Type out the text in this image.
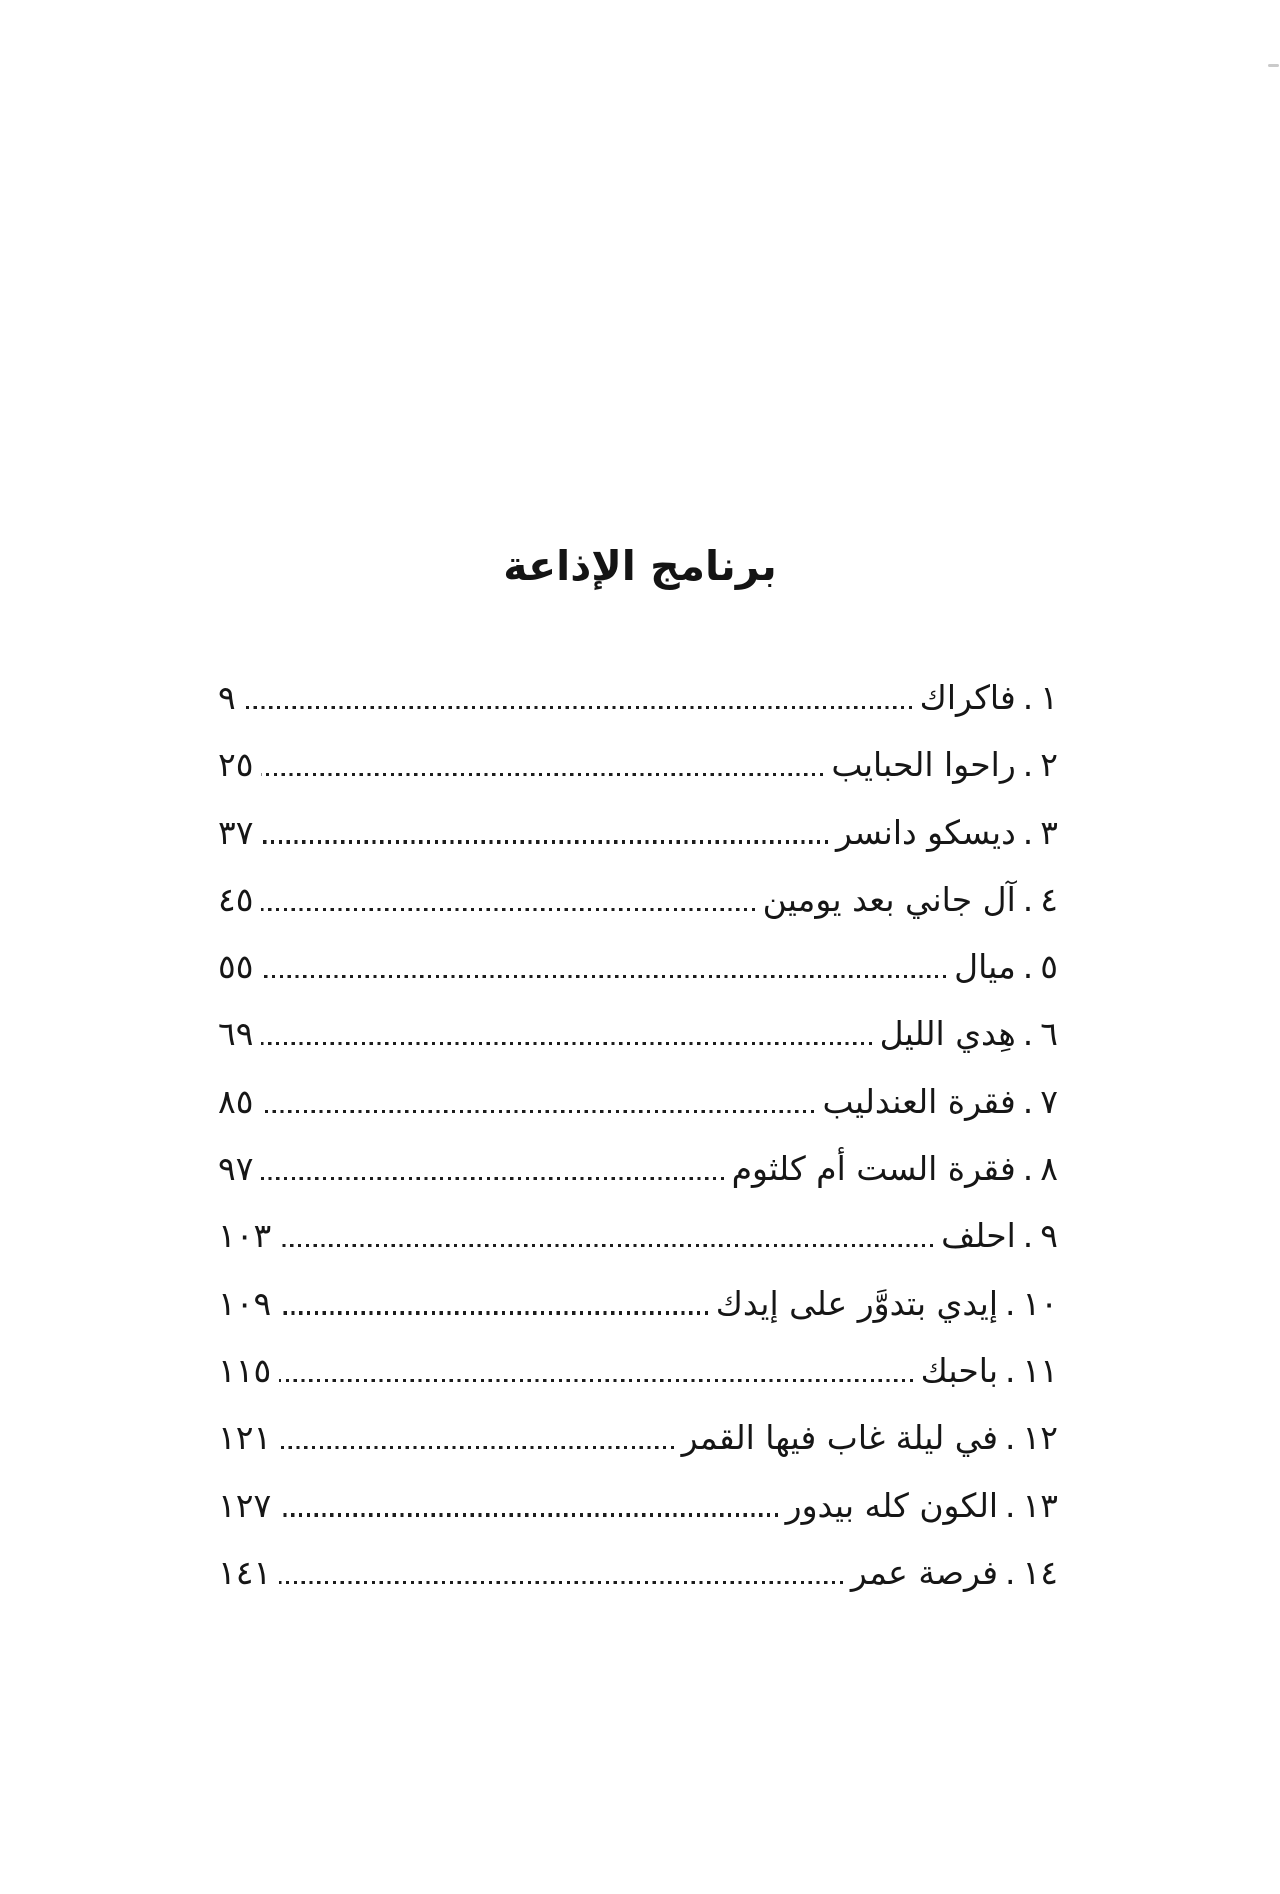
برنامج الإذاعة
١.فاكراك
٩
٢.راحوا الحبايب
٢٥
٣.ديسكو دانسر
٣٧
٤.آل جاني بعد يومين
٤٥
٥.ميال
٥٥
٦.هِدي الليل
٦٩
٧.فقرة العندليب
٨٥
٨.فقرة الست أم كلثوم
٩٧
٩.احلف
١٠٣
١٠.إيدي بتدوَّر على إيدك
١٠٩
١١.باحبك
١١٥
١٢.في ليلة غاب فيها القمر
١٢١
١٣.الكون كله بيدور
١٢٧
١٤.فرصة عمر
١٤١
